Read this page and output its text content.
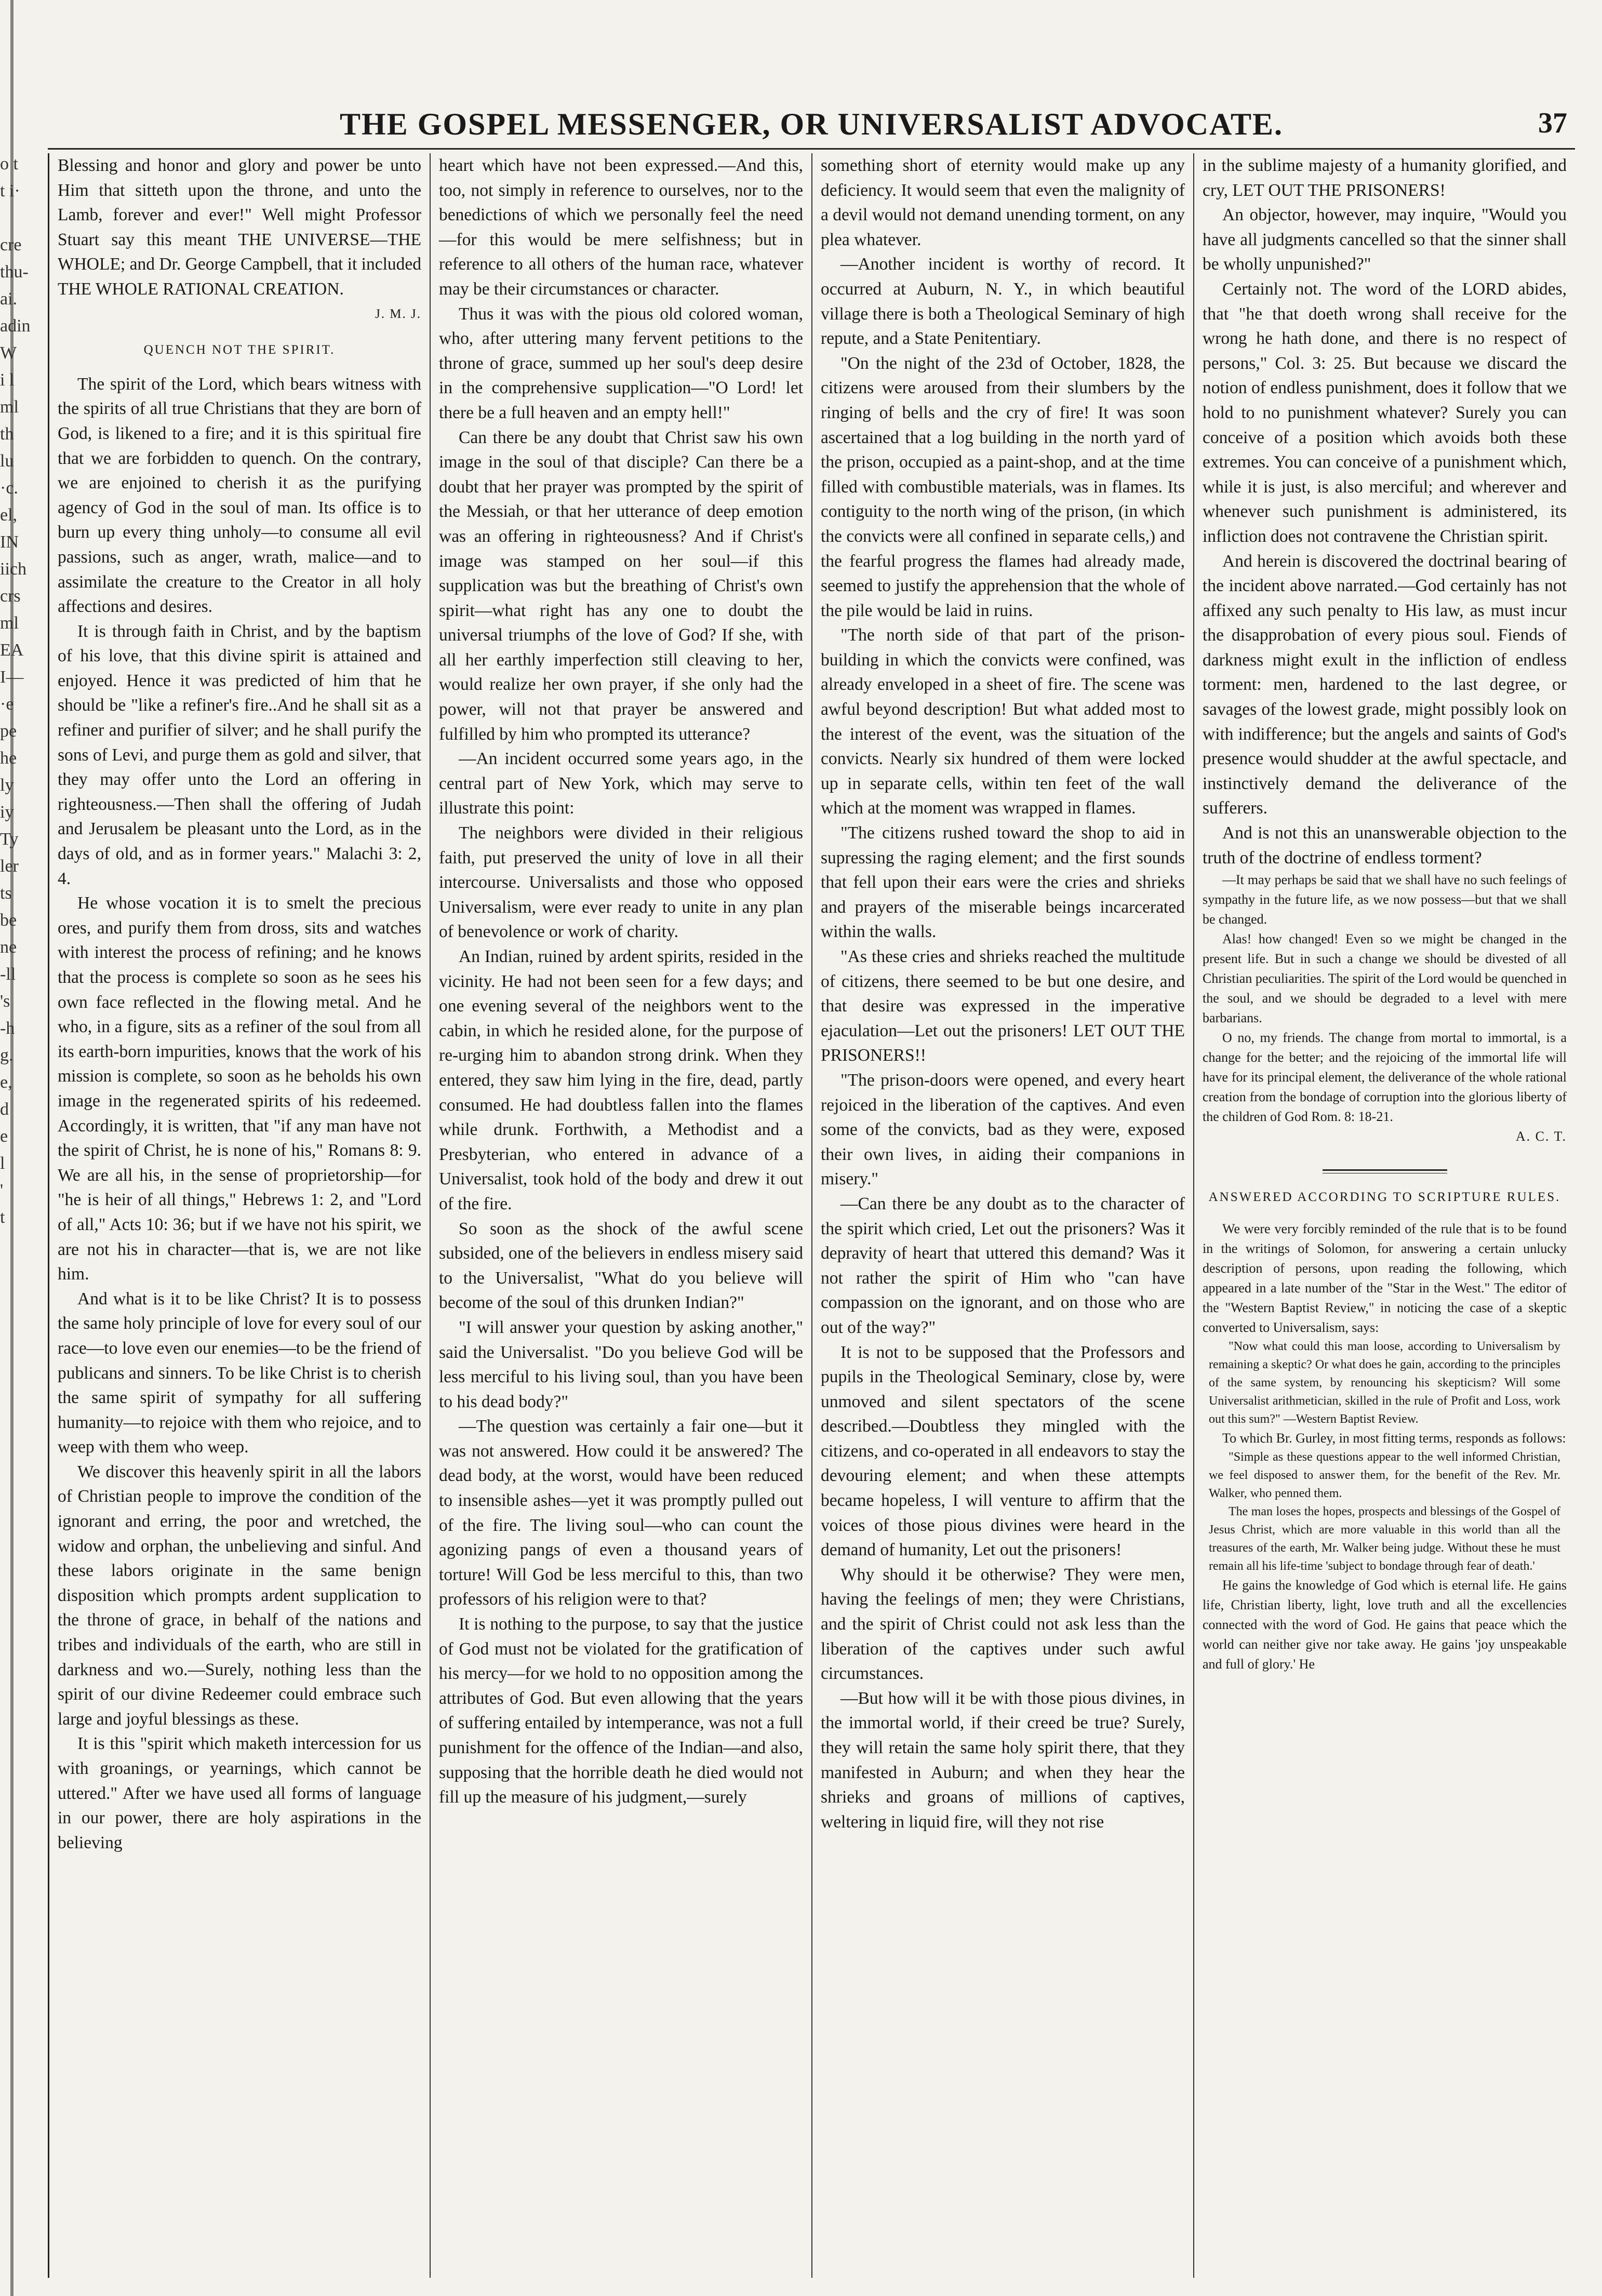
o t
t i·

cre
thu-
ai.
adin
W
i l
ml
th
lu
·c.
el,
IN
iich
crs
ml
EA
I—
·e
pe
he
ly
iy
Ty
ler
ts
be
ne
-ll
's
-h
g.
e,
d
e
l
'
t
THE GOSPEL MESSENGER, OR UNIVERSALIST ADVOCATE.	37

Blessing and honor and glory and power be unto Him that sitteth upon the throne, and unto the Lamb, forever and ever!" Well might Professor Stuart say this meant THE UNIVERSE—THE WHOLE; and Dr. George Campbell, that it included THE WHOLE RATIONAL CREATION.

J. M. J.

QUENCH NOT THE SPIRIT.

The spirit of the Lord, which bears witness with the spirits of all true Christians that they are born of God, is likened to a fire; and it is this spiritual fire that we are forbidden to quench. On the contrary, we are enjoined to cherish it as the purifying agency of God in the soul of man. Its office is to burn up every thing unholy—to consume all evil passions, such as anger, wrath, malice—and to assimilate the creature to the Creator in all holy affections and desires.

It is through faith in Christ, and by the baptism of his love, that this divine spirit is attained and enjoyed. Hence it was predicted of him that he should be "like a refiner's fire..And he shall sit as a refiner and purifier of silver; and he shall purify the sons of Levi, and purge them as gold and silver, that they may offer unto the Lord an offering in righteousness.—Then shall the offering of Judah and Jerusalem be pleasant unto the Lord, as in the days of old, and as in former years." Malachi 3: 2, 4.

He whose vocation it is to smelt the precious ores, and purify them from dross, sits and watches with interest the process of refining; and he knows that the process is complete so soon as he sees his own face reflected in the flowing metal. And he who, in a figure, sits as a refiner of the soul from all its earth-born impurities, knows that the work of his mission is complete, so soon as he beholds his own image in the regenerated spirits of his redeemed. Accordingly, it is written, that "if any man have not the spirit of Christ, he is none of his," Romans 8: 9. We are all his, in the sense of proprietorship—for "he is heir of all things," Hebrews 1: 2, and "Lord of all," Acts 10: 36; but if we have not his spirit, we are not his in character—that is, we are not like him.

And what is it to be like Christ? It is to possess the same holy principle of love for every soul of our race—to love even our enemies—to be the friend of publicans and sinners. To be like Christ is to cherish the same spirit of sympathy for all suffering humanity—to rejoice with them who rejoice, and to weep with them who weep.

We discover this heavenly spirit in all the labors of Christian people to improve the condition of the ignorant and erring, the poor and wretched, the widow and orphan, the unbelieving and sinful. And these labors originate in the same benign disposition which prompts ardent supplication to the throne of grace, in behalf of the nations and tribes and individuals of the earth, who are still in darkness and wo.—Surely, nothing less than the spirit of our divine Redeemer could embrace such large and joyful blessings as these.

It is this "spirit which maketh intercession for us with groanings, or yearnings, which cannot be uttered." After we have used all forms of language in our power, there are holy aspirations in the believing

heart which have not been expressed.—And this, too, not simply in reference to ourselves, nor to the benedictions of which we personally feel the need—for this would be mere selfishness; but in reference to all others of the human race, whatever may be their circumstances or character.

Thus it was with the pious old colored woman, who, after uttering many fervent petitions to the throne of grace, summed up her soul's deep desire in the comprehensive supplication—"O Lord! let there be a full heaven and an empty hell!"

Can there be any doubt that Christ saw his own image in the soul of that disciple? Can there be a doubt that her prayer was prompted by the spirit of the Messiah, or that her utterance of deep emotion was an offering in righteousness? And if Christ's image was stamped on her soul—if this supplication was but the breathing of Christ's own spirit—what right has any one to doubt the universal triumphs of the love of God? If she, with all her earthly imperfection still cleaving to her, would realize her own prayer, if she only had the power, will not that prayer be answered and fulfilled by him who prompted its utterance?

—An incident occurred some years ago, in the central part of New York, which may serve to illustrate this point:

The neighbors were divided in their religious faith, put preserved the unity of love in all their intercourse. Universalists and those who opposed Universalism, were ever ready to unite in any plan of benevolence or work of charity.

An Indian, ruined by ardent spirits, resided in the vicinity. He had not been seen for a few days; and one evening several of the neighbors went to the cabin, in which he resided alone, for the purpose of re-urging him to abandon strong drink. When they entered, they saw him lying in the fire, dead, partly consumed. He had doubtless fallen into the flames while drunk. Forthwith, a Methodist and a Presbyterian, who entered in advance of a Universalist, took hold of the body and drew it out of the fire.

So soon as the shock of the awful scene subsided, one of the believers in endless misery said to the Universalist, "What do you believe will become of the soul of this drunken Indian?"

"I will answer your question by asking another," said the Universalist. "Do you believe God will be less merciful to his living soul, than you have been to his dead body?"

—The question was certainly a fair one—but it was not answered. How could it be answered? The dead body, at the worst, would have been reduced to insensible ashes—yet it was promptly pulled out of the fire. The living soul—who can count the agonizing pangs of even a thousand years of torture! Will God be less merciful to this, than two professors of his religion were to that?

It is nothing to the purpose, to say that the justice of God must not be violated for the gratification of his mercy—for we hold to no opposition among the attributes of God. But even allowing that the years of suffering entailed by intemperance, was not a full punishment for the offence of the Indian—and also, supposing that the horrible death he died would not fill up the measure of his judgment,—surely

something short of eternity would make up any deficiency. It would seem that even the malignity of a devil would not demand unending torment, on any plea whatever.

—Another incident is worthy of record. It occurred at Auburn, N. Y., in which beautiful village there is both a Theological Seminary of high repute, and a State Penitentiary.

"On the night of the 23d of October, 1828, the citizens were aroused from their slumbers by the ringing of bells and the cry of fire! It was soon ascertained that a log building in the north yard of the prison, occupied as a paint-shop, and at the time filled with combustible materials, was in flames. Its contiguity to the north wing of the prison, (in which the convicts were all confined in separate cells,) and the fearful progress the flames had already made, seemed to justify the apprehension that the whole of the pile would be laid in ruins.

"The north side of that part of the prison-building in which the convicts were confined, was already enveloped in a sheet of fire. The scene was awful beyond description! But what added most to the interest of the event, was the situation of the convicts. Nearly six hundred of them were locked up in separate cells, within ten feet of the wall which at the moment was wrapped in flames.

"The citizens rushed toward the shop to aid in supressing the raging element; and the first sounds that fell upon their ears were the cries and shrieks and prayers of the miserable beings incarcerated within the walls.

"As these cries and shrieks reached the multitude of citizens, there seemed to be but one desire, and that desire was expressed in the imperative ejaculation—Let out the prisoners! LET OUT THE PRISONERS!!

"The prison-doors were opened, and every heart rejoiced in the liberation of the captives. And even some of the convicts, bad as they were, exposed their own lives, in aiding their companions in misery."

—Can there be any doubt as to the character of the spirit which cried, Let out the prisoners? Was it depravity of heart that uttered this demand? Was it not rather the spirit of Him who "can have compassion on the ignorant, and on those who are out of the way?"

It is not to be supposed that the Professors and pupils in the Theological Seminary, close by, were unmoved and silent spectators of the scene described.—Doubtless they mingled with the citizens, and co-operated in all endeavors to stay the devouring element; and when these attempts became hopeless, I will venture to affirm that the voices of those pious divines were heard in the demand of humanity, Let out the prisoners!

Why should it be otherwise? They were men, having the feelings of men; they were Christians, and the spirit of Christ could not ask less than the liberation of the captives under such awful circumstances.

—But how will it be with those pious divines, in the immortal world, if their creed be true? Surely, they will retain the same holy spirit there, that they manifested in Auburn; and when they hear the shrieks and groans of millions of captives, weltering in liquid fire, will they not rise

in the sublime majesty of a humanity glorified, and cry, LET OUT THE PRISONERS!

An objector, however, may inquire, "Would you have all judgments cancelled so that the sinner shall be wholly unpunished?"

Certainly not. The word of the LORD abides, that "he that doeth wrong shall receive for the wrong he hath done, and there is no respect of persons," Col. 3: 25. But because we discard the notion of endless punishment, does it follow that we hold to no punishment whatever? Surely you can conceive of a position which avoids both these extremes. You can conceive of a punishment which, while it is just, is also merciful; and wherever and whenever such punishment is administered, its infliction does not contravene the Christian spirit.

And herein is discovered the doctrinal bearing of the incident above narrated.—God certainly has not affixed any such penalty to His law, as must incur the disapprobation of every pious soul. Fiends of darkness might exult in the infliction of endless torment: men, hardened to the last degree, or savages of the lowest grade, might possibly look on with indifference; but the angels and saints of God's presence would shudder at the awful spectacle, and instinctively demand the deliverance of the sufferers.

And is not this an unanswerable objection to the truth of the doctrine of endless torment?

—It may perhaps be said that we shall have no such feelings of sympathy in the future life, as we now possess—but that we shall be changed.

Alas! how changed! Even so we might be changed in the present life. But in such a change we should be divested of all Christian peculiarities. The spirit of the Lord would be quenched in the soul, and we should be degraded to a level with mere barbarians.

O no, my friends. The change from mortal to immortal, is a change for the better; and the rejoicing of the immortal life will have for its principal element, the deliverance of the whole rational creation from the bondage of corruption into the glorious liberty of the children of God Rom. 8: 18-21.

A. C. T.

ANSWERED ACCORDING TO SCRIPTURE RULES.

We were very forcibly reminded of the rule that is to be found in the writings of Solomon, for answering a certain unlucky description of persons, upon reading the following, which appeared in a late number of the "Star in the West." The editor of the "Western Baptist Review," in noticing the case of a skeptic converted to Universalism, says:

"Now what could this man loose, according to Universalism by remaining a skeptic? Or what does he gain, according to the principles of the same system, by renouncing his skepticism? Will some Universalist arithmetician, skilled in the rule of Profit and Loss, work out this sum?" —Western Baptist Review.

To which Br. Gurley, in most fitting terms, responds as follows:

"Simple as these questions appear to the well informed Christian, we feel disposed to answer them, for the benefit of the Rev. Mr. Walker, who penned them.

The man loses the hopes, prospects and blessings of the Gospel of Jesus Christ, which are more valuable in this world than all the treasures of the earth, Mr. Walker being judge. Without these he must remain all his life-time 'subject to bondage through fear of death.'

He gains the knowledge of God which is eternal life. He gains life, Christian liberty, light, love truth and all the excellencies connected with the word of God. He gains that peace which the world can neither give nor take away. He gains 'joy unspeakable and full of glory.' He
